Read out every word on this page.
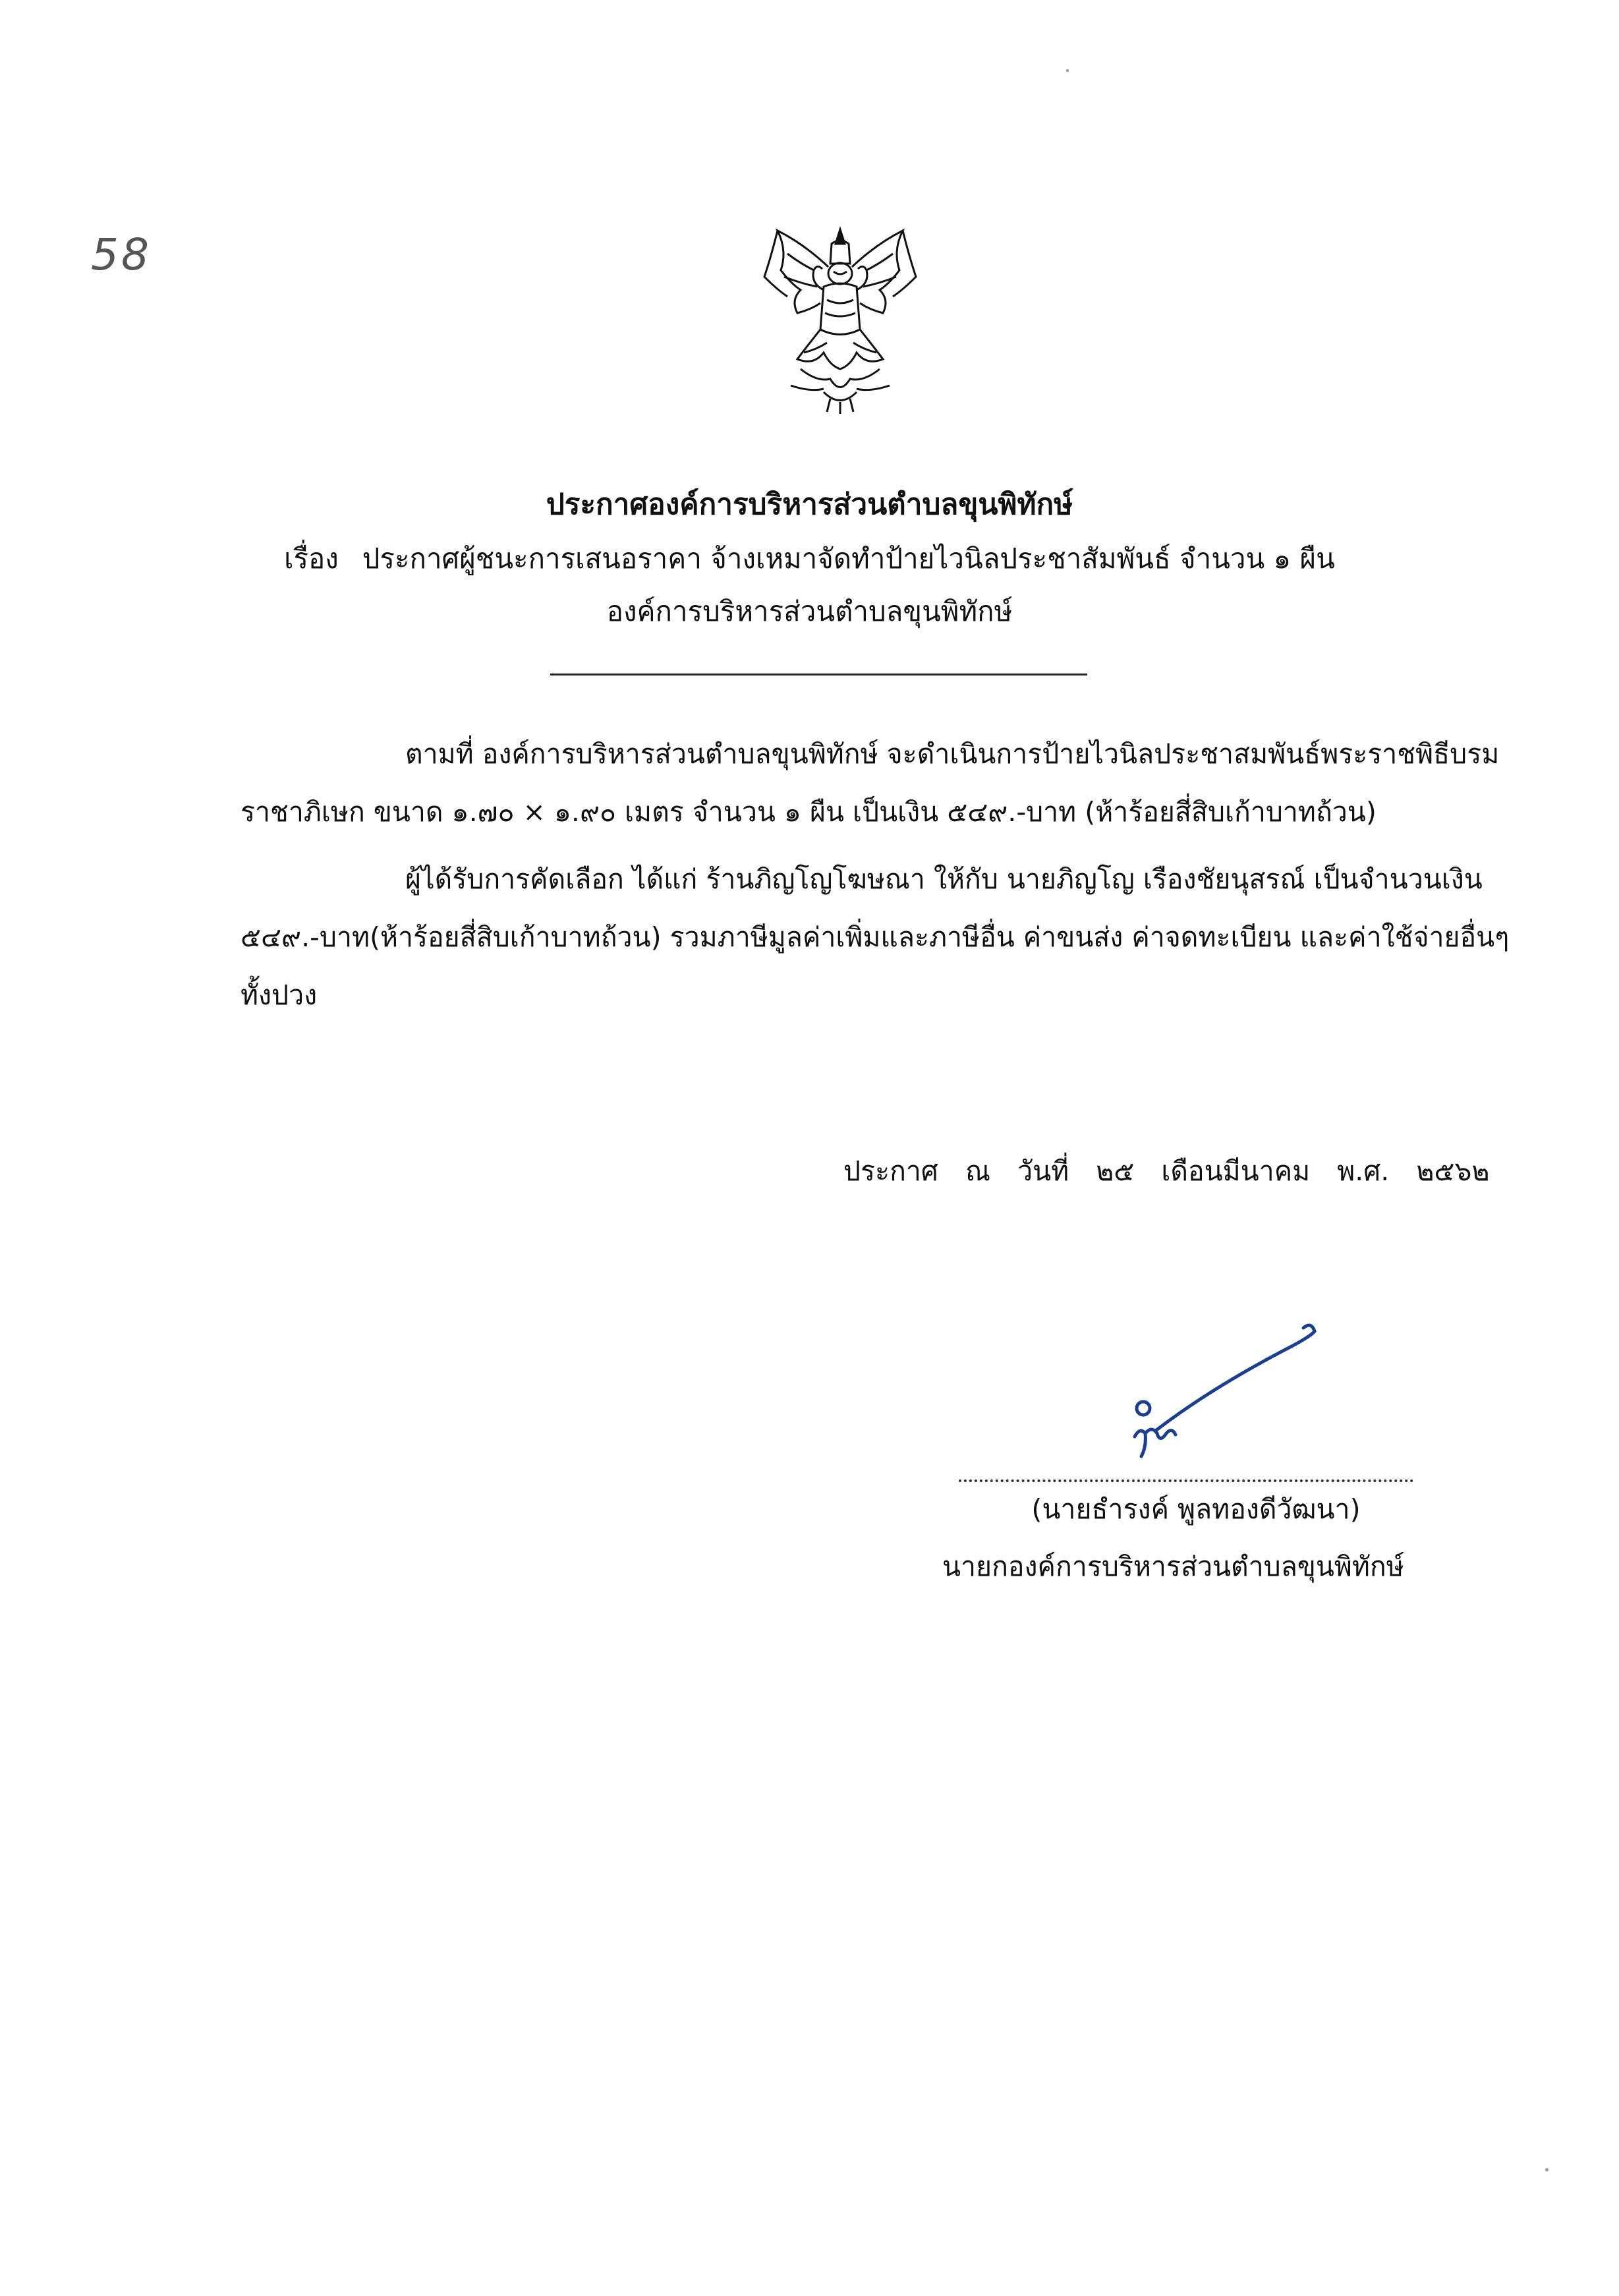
58
ประกาศองค์การบริหารส่วนตำบลขุนพิทักษ์
เรื่อง ประกาศผู้ชนะการเสนอราคา จ้างเหมาจัดทำป้ายไวนิลประชาสัมพันธ์ จำนวน ๑ ผืน
องค์การบริหารส่วนตำบลขุนพิทักษ์
ตามที่ องค์การบริหารส่วนตำบลขุนพิทักษ์ จะดำเนินการป้ายไวนิลประชาสมพันธ์พระราชพิธีบรม
ราชาภิเษก ขนาด ๑.๗๐ × ๑.๙๐ เมตร จำนวน ๑ ผืน เป็นเงิน ๕๔๙.-บาท (ห้าร้อยสี่สิบเก้าบาทถ้วน)
ผู้ได้รับการคัดเลือก ได้แก่ ร้านภิญโญโฆษณา ให้กับ นายภิญโญ เรืองชัยนุสรณ์ เป็นจำนวนเงิน
๕๔๙.-บาท(ห้าร้อยสี่สิบเก้าบาทถ้วน) รวมภาษีมูลค่าเพิ่มและภาษีอื่น ค่าขนส่ง ค่าจดทะเบียน และค่าใช้จ่ายอื่นๆ
ทั้งปวง
ประกาศ ณ วันที่ ๒๕ เดือนมีนาคม พ.ศ. ๒๕๖๒
(นายธำรงค์ พูลทองดีวัฒนา)
นายกองค์การบริหารส่วนตำบลขุนพิทักษ์
